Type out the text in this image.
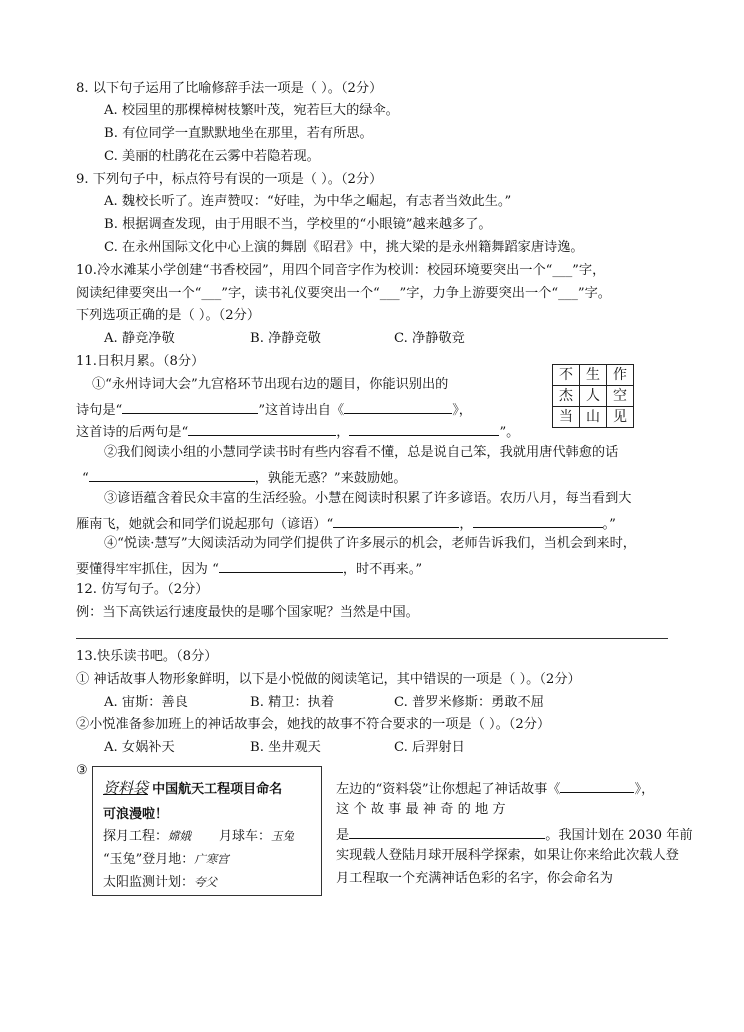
8. 以下句子运用了比喻修辞手法一项是（ ）。（2分）
A. 校园里的那棵樟树枝繁叶茂，宛若巨大的绿伞。
B. 有位同学一直默默地坐在那里，若有所思。
C. 美丽的杜鹃花在云雾中若隐若现。
9. 下列句子中，标点符号有误的一项是（ ）。（2分）
A. 魏校长听了。连声赞叹：“好哇，为中华之崛起，有志者当效此生。”
B. 根据调查发现，由于用眼不当，学校里的“小眼镜”越来越多了。
C. 在永州国际文化中心上演的舞剧《昭君》中，挑大梁的是永州籍舞蹈家唐诗逸。
10.冷水滩某小学创建“书香校园”，用四个同音字作为校训：校园环境要突出一个“___”字，
阅读纪律要突出一个“___”字，读书礼仪要突出一个“___”字，力争上游要突出一个“___”字。
下列选项正确的是（ ）。（2分）
A. 静竞净敬	B. 净静竞敬	C. 净静敬竞
11.日积月累。（8分）
不	生	作
杰	人	空
当	山	见
①“永州诗词大会”九宫格环节出现右边的题目，你能识别出的
诗句是“	”这首诗出自《	》，
这首诗的后两句是“	，	”。
②我们阅读小组的小慧同学读书时有些内容看不懂，总是说自己笨，我就用唐代韩愈的话
“	，孰能无惑？”来鼓励她。
③谚语蕴含着民众丰富的生活经验。小慧在阅读时积累了许多谚语。农历八月，每当看到大
雁南飞，她就会和同学们说起那句（谚语）“	，	。”
④“悦读·慧写”大阅读活动为同学们提供了许多展示的机会，老师告诉我们，当机会到来时，
要懂得牢牢抓住，因为 “	，时不再来。”
12. 仿写句子。（2分）
例：当下高铁运行速度最快的是哪个国家呢？当然是中国。
13.快乐读书吧。（8分）
① 神话故事人物形象鲜明，以下是小悦做的阅读笔记，其中错误的一项是（ ）。（2分）
A. 宙斯：善良	B. 精卫：执着	C. 普罗米修斯：勇敢不屈
②小悦准备参加班上的神话故事会，她找的故事不符合要求的一项是（ ）。（2分）
A. 女娲补天	B. 坐井观天	C. 后羿射日
③
资料袋 中国航天工程项目命名
可浪漫啦！
探月工程：嫦娥 月球车：玉兔
“玉兔”登月地：广寒宫
太阳监测计划：夸父
左边的“资料袋”让你想起了神话故事《	》，
这 个 故 事 最 神 奇 的 地 方
是	。我国计划在 2030 年前
实现载人登陆月球开展科学探索，如果让你来给此次载人登
月工程取一个充满神话色彩的名字，你会命名为
